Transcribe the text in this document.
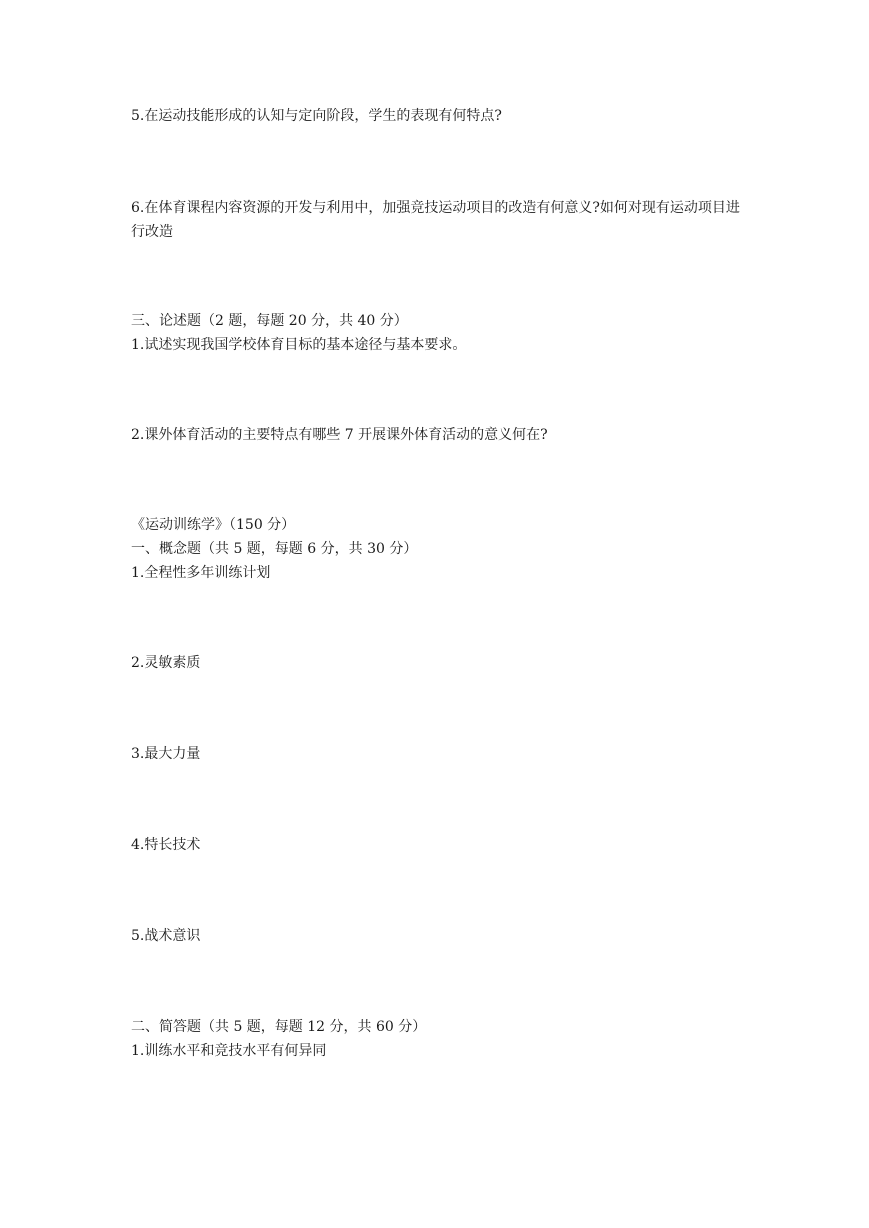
5.在运动技能形成的认知与定向阶段，学生的表现有何特点?
6.在体育课程内容资源的开发与利用中，加强竞技运动项目的改造有何意义?如何对现有运动项目进行改造
三、论述题（2 题，每题 20 分，共 40 分）
1.试述实现我国学校体育目标的基本途径与基本要求。
2.课外体育活动的主要特点有哪些 7 开展课外体育活动的意义何在?
《运动训练学》（150 分）
一、概念题（共 5 题，每题 6 分，共 30 分）
1.全程性多年训练计划
2.灵敏素质
3.最大力量
4.特长技术
5.战术意识
二、简答题（共 5 题，每题 12 分，共 60 分）
1.训练水平和竞技水平有何异同
